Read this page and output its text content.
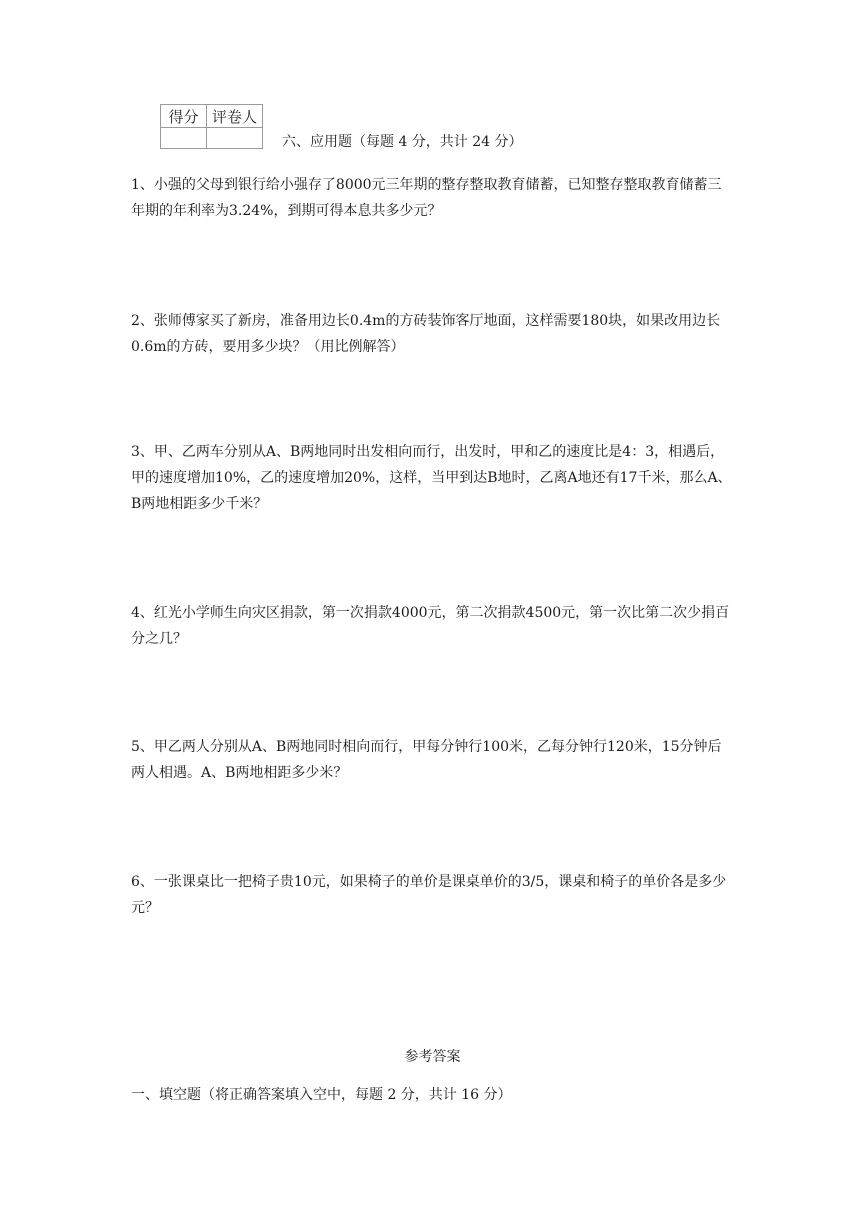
得分	评卷人

六、应用题（每题 4 分，共计 24 分）

1、小强的父母到银行给小强存了8000元三年期的整存整取教育储蓄，已知整存整取教育储蓄三年期的年利率为3.24%，到期可得本息共多少元？

2、张师傅家买了新房，准备用边长0.4m的方砖装饰客厅地面，这样需要180块，如果改用边长0.6m的方砖，要用多少块？（用比例解答）

3、甲、乙两车分别从A、B两地同时出发相向而行，出发时，甲和乙的速度比是4：3，相遇后，甲的速度增加10%，乙的速度增加20%，这样，当甲到达B地时，乙离A地还有17千米，那么A、B两地相距多少千米？

4、红光小学师生向灾区捐款，第一次捐款4000元，第二次捐款4500元，第一次比第二次少捐百分之几？

5、甲乙两人分别从A、B两地同时相向而行，甲每分钟行100米，乙每分钟行120米，15分钟后两人相遇。A、B两地相距多少米？

6、一张课桌比一把椅子贵10元，如果椅子的单价是课桌单价的3/5，课桌和椅子的单价各是多少元？

参考答案
一、填空题（将正确答案填入空中，每题 2 分，共计 16 分）
